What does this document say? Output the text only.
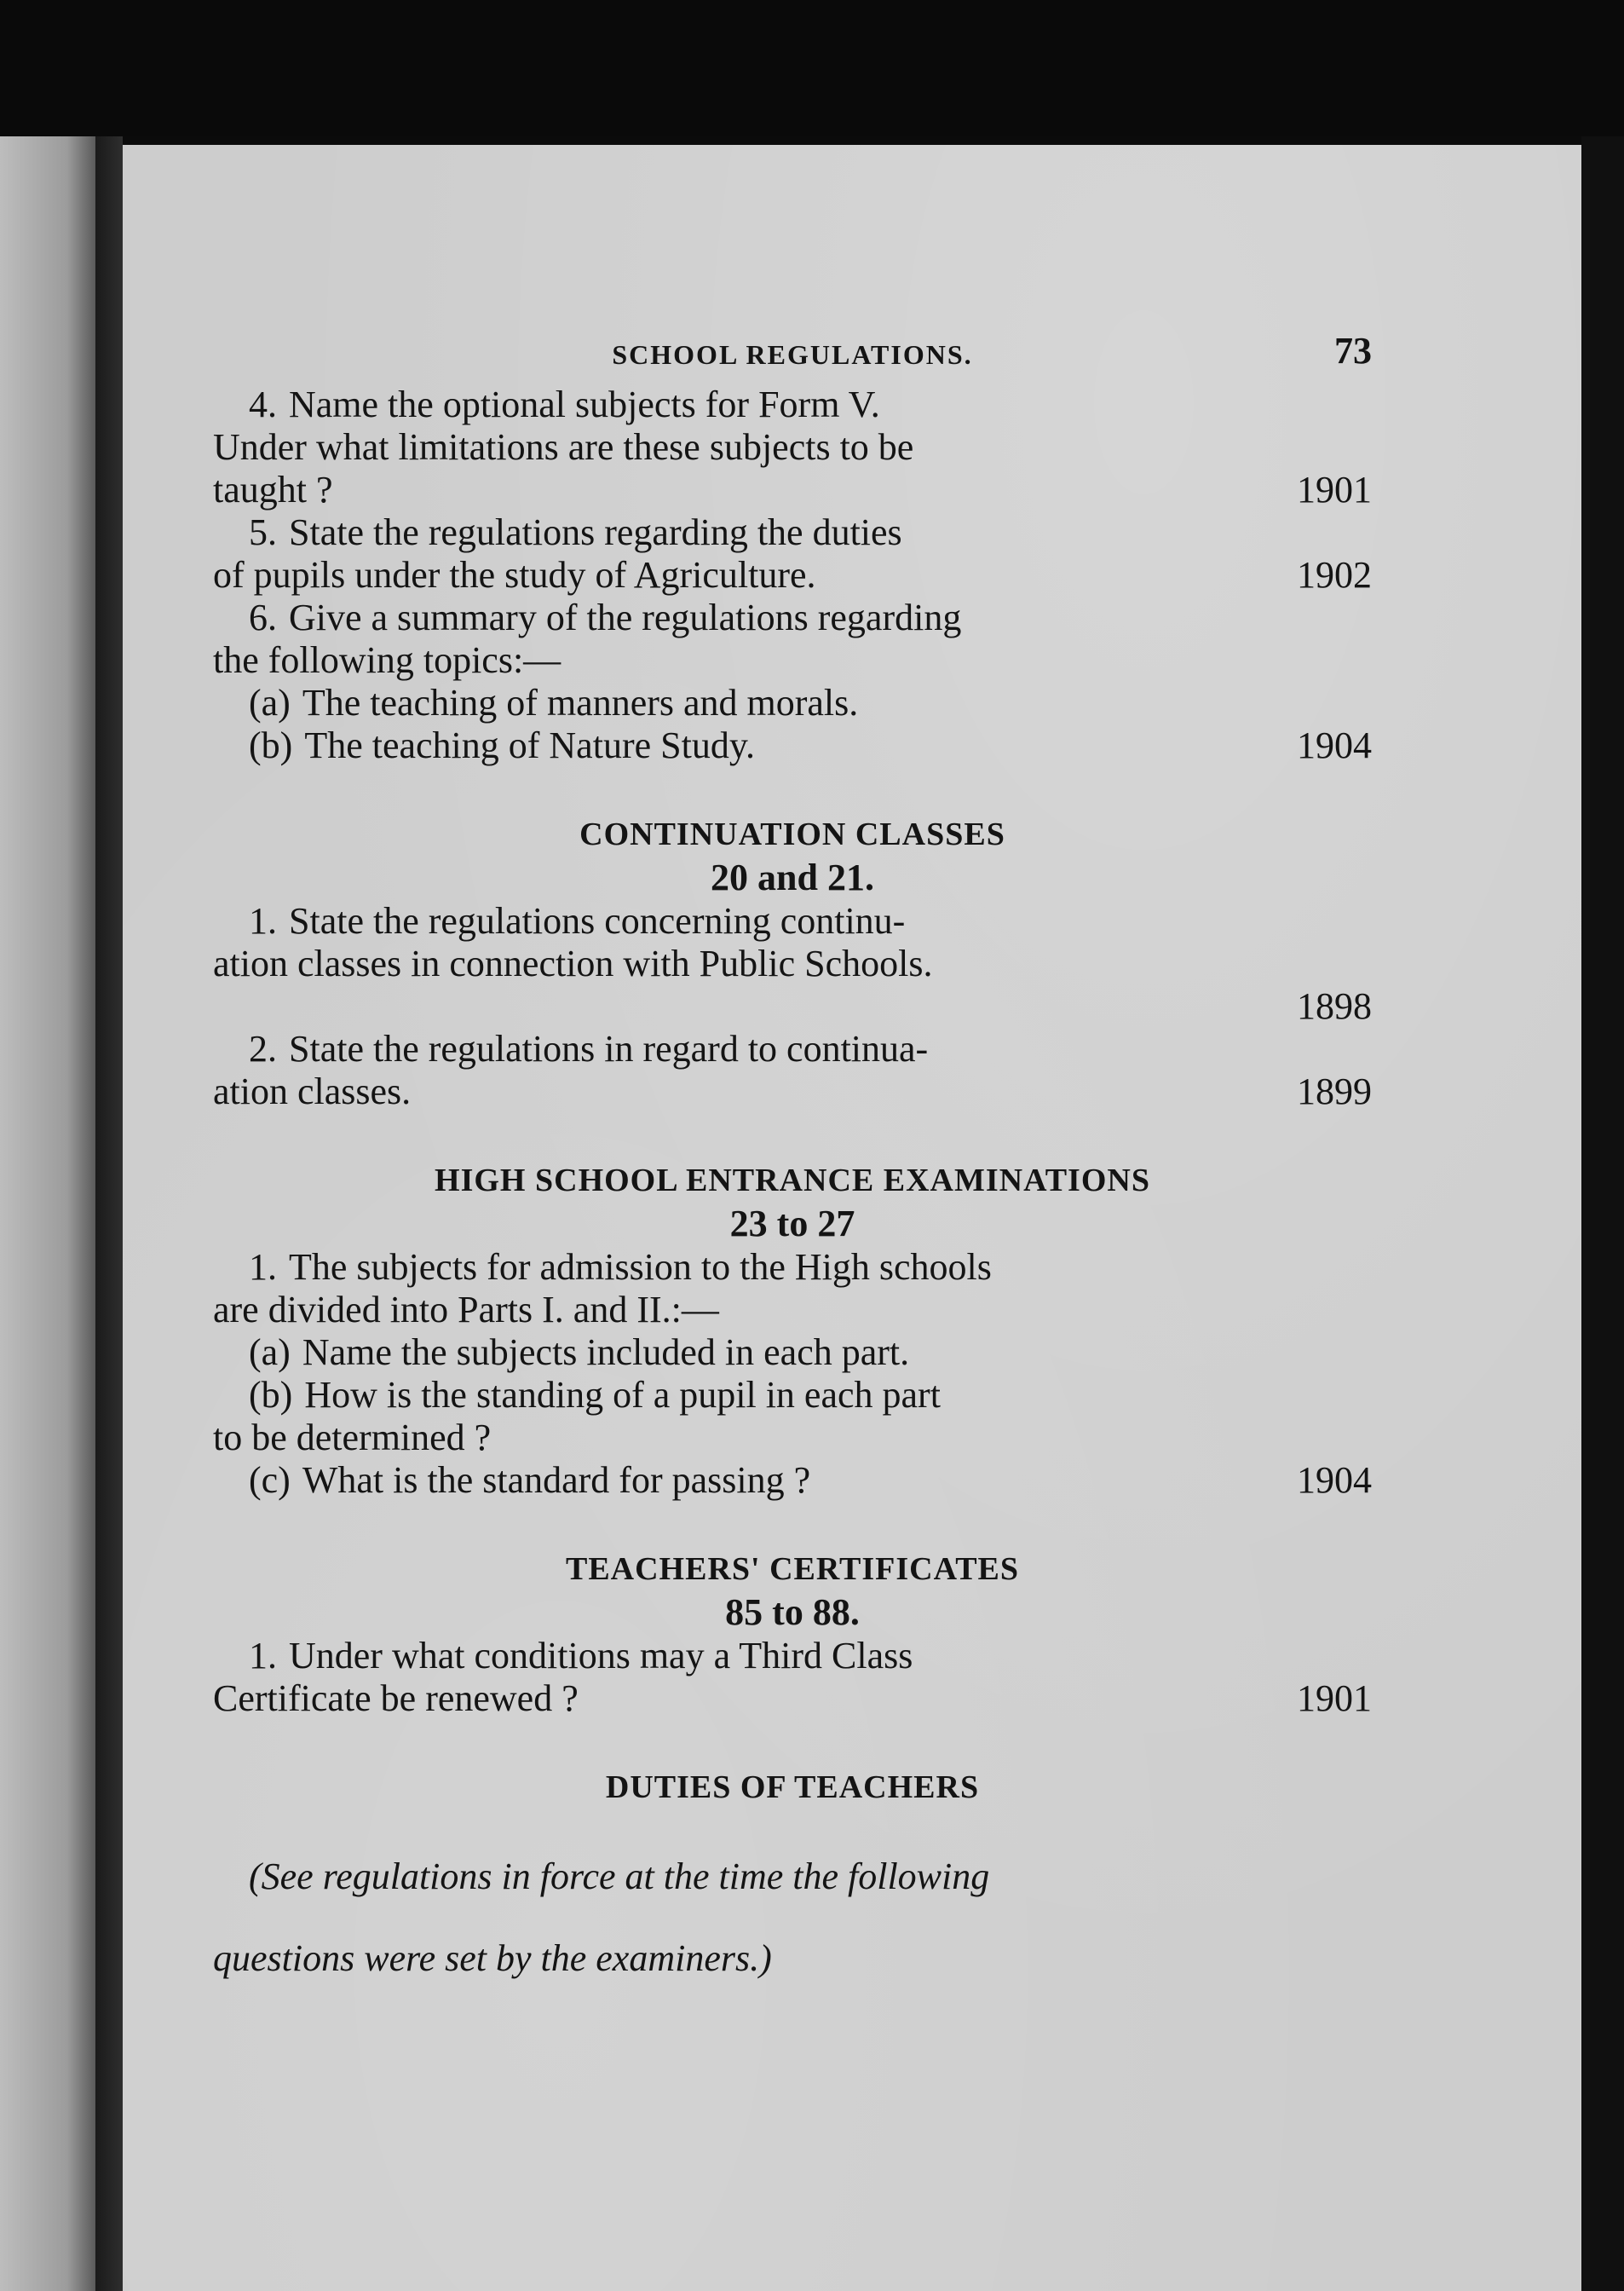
SCHOOL REGULATIONS.	73

4. Name the optional subjects for Form V.

Under what limitations are these subjects to be

taught ?	1901

5. State the regulations regarding the duties

of pupils under the study of Agriculture.	1902

6. Give a summary of the regulations regarding

the following topics:—

(a) The teaching of manners and morals.
(b) The teaching of Nature Study.	1904
CONTINUATION CLASSES
20 and 21.

1. State the regulations concerning continu-

ation classes in connection with Public Schools.

1898

2. State the regulations in regard to continua-

ation classes.	1899
HIGH SCHOOL ENTRANCE EXAMINATIONS
23 to 27

1. The subjects for admission to the High schools

are divided into Parts I. and II.:—

(a) Name the subjects included in each part.
(b) How is the standing of a pupil in each part

to be determined ?

(c) What is the standard for passing ?	1904
TEACHERS' CERTIFICATES
85 to 88.

1. Under what conditions may a Third Class

Certificate be renewed ?	1901
DUTIES OF TEACHERS

(See regulations in force at the time the following

questions were set by the examiners.)
